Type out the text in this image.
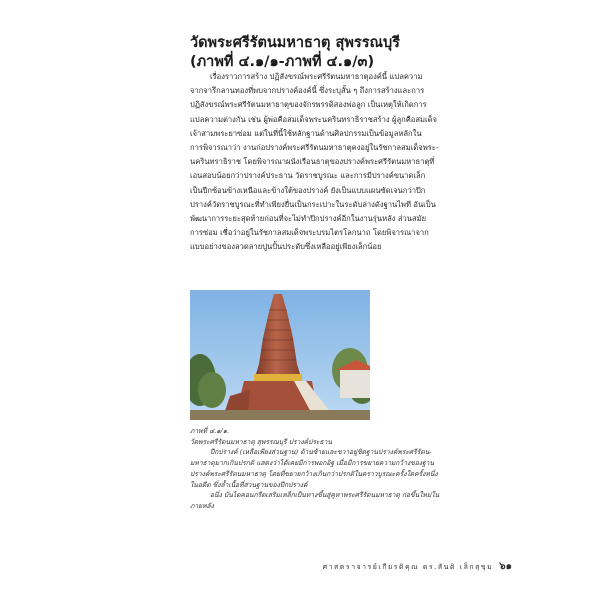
วัดพระศรีรัตนมหาธาตุ สุพรรณบุรี
(ภาพที่ ๔.๑/๑-ภาพที่ ๔.๑/๓)
เรื่องราวการสร้าง ปฏิสังขรณ์พระศรีรัตนมหาธาตุองค์นี้ แปลความ
จากจารึกลานทองที่พบจากปรางค์องค์นี้ ซึ่งระบุสั้น ๆ ถึงการสร้างและการ
ปฏิสังขรณ์พระศรีรัตนมหาธาตุของจักรพรรดิสองพ่อลูก เป็นเหตุให้เกิดการ
แปลความต่างกัน เช่น ผู้พ่อคือสมเด็จพระนครินทราธิราชสร้าง ผู้ลูกคือสมเด็จ
เจ้าสามพระยาซ่อม แต่ในที่นี้ใช้หลักฐานด้านศิลปกรรมเป็นข้อมูลหลักใน
การพิจารณาว่า งานก่อปรางค์พระศรีรัตนมหาธาตุคงอยู่ในรัชกาลสมเด็จพระ-
นครินทราธิราช โดยพิจารณาผนังเรือนธาตุของปรางค์พระศรีรัตนมหาธาตุที่
เอนสอบน้อยกว่าปรางค์ประธาน วัดราชบูรณะ และการมีปรางค์ขนาดเล็ก
เป็นปีกซ้อนข้างเหนือและข้างใต้ของปรางค์ ยังเป็นแบบแผนซัดเจนกว่าปีก
ปรางค์วัดราชบูรณะที่ทำเพียงยื่นเป็นกระเปาะในระดับล่างดังฐานไพที อันเป็น
พัฒนาการระยะสุดท้ายก่อนที่จะไม่ทำปีกปรางค์อีกในงานรุ่นหลัง ส่วนสมัย
การซ่อม เชื่อว่าอยู่ในรัชกาลสมเด็จพระบรมไตรโลกนาถ โดยพิจารณาจาก
แบบอย่างของลวดลายปูนปั้นประดับซึ่งเหลืออยู่เพียงเล็กน้อย
ภาพที่ ๔.๑/๑.
วัดพระศรีรัตนมหาธาตุ สุพรรณบุรี ปรางค์ประธาน
ปีกปรางค์ (เหลือเพียงส่วนฐาน) ด้านซ้ายและขวาอยู่ชิดฐานปรางค์พระศรีรัตน-
มหาธาตุมากเกินปรกติ แสดงว่าได้เคยมีการพอกอิฐ เมื่อมีการขยายความกว้างของฐาน
ปรางค์พระศรีรัตนมหาธาตุ โดยที่ขยายกว้างเกินกว่าปรกติในคราวบูรณะครั้งใดครั้งหนึ่ง
ในอดีต ซึ่งล้ำเนื้อที่ส่วนฐานของปีกปรางค์
อนึ่ง บันไดคอนกรีตเสริมเหล็กเป็นทางขึ้นสู่คูหาพระศรีรัตนมหาธาตุ ก่อขึ้นใหม่ใน
ภายหลัง
ศาสตราจารย์เกียรติคุณ ดร.สันติ เล็กสุขุม ๖๑
